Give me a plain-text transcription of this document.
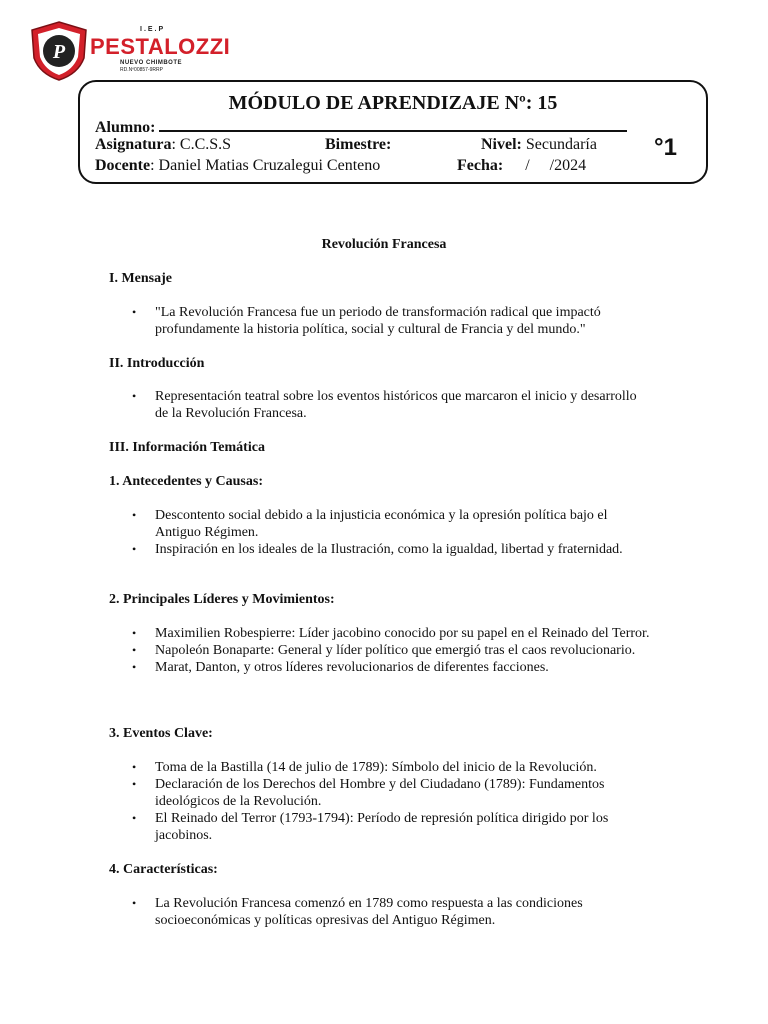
P
I.E.P
PESTALOZZI
NUEVO CHIMBOTE
RD.Nº00857-9RRP
MÓDULO DE APRENDIZAJE Nº: 15
Alumno:
Asignatura: C.C.S.S	Bimestre:	Nivel: Secundaría
Docente: Daniel Matias Cruzalegui Centeno	Fecha: /     /2024
°1
Revolución Francesa
I. Mensaje
• "La Revolución Francesa fue un periodo de transformación radical que impactó profundamente la historia política, social y cultural de Francia y del mundo."
II. Introducción
• Representación teatral sobre los eventos históricos que marcaron el inicio y desarrollo de la Revolución Francesa.
III. Información Temática
1. Antecedentes y Causas:
• Descontento social debido a la injusticia económica y la opresión política bajo el Antiguo Régimen.
• Inspiración en los ideales de la Ilustración, como la igualdad, libertad y fraternidad.
2. Principales Líderes y Movimientos:
• Maximilien Robespierre: Líder jacobino conocido por su papel en el Reinado del Terror.
• Napoleón Bonaparte: General y líder político que emergió tras el caos revolucionario.
• Marat, Danton, y otros líderes revolucionarios de diferentes facciones.
3. Eventos Clave:
• Toma de la Bastilla (14 de julio de 1789): Símbolo del inicio de la Revolución.
• Declaración de los Derechos del Hombre y del Ciudadano (1789): Fundamentos ideológicos de la Revolución.
• El Reinado del Terror (1793-1794): Período de represión política dirigido por los jacobinos.
4. Características:
• La Revolución Francesa comenzó en 1789 como respuesta a las condiciones socioeconómicas y políticas opresivas del Antiguo Régimen.
